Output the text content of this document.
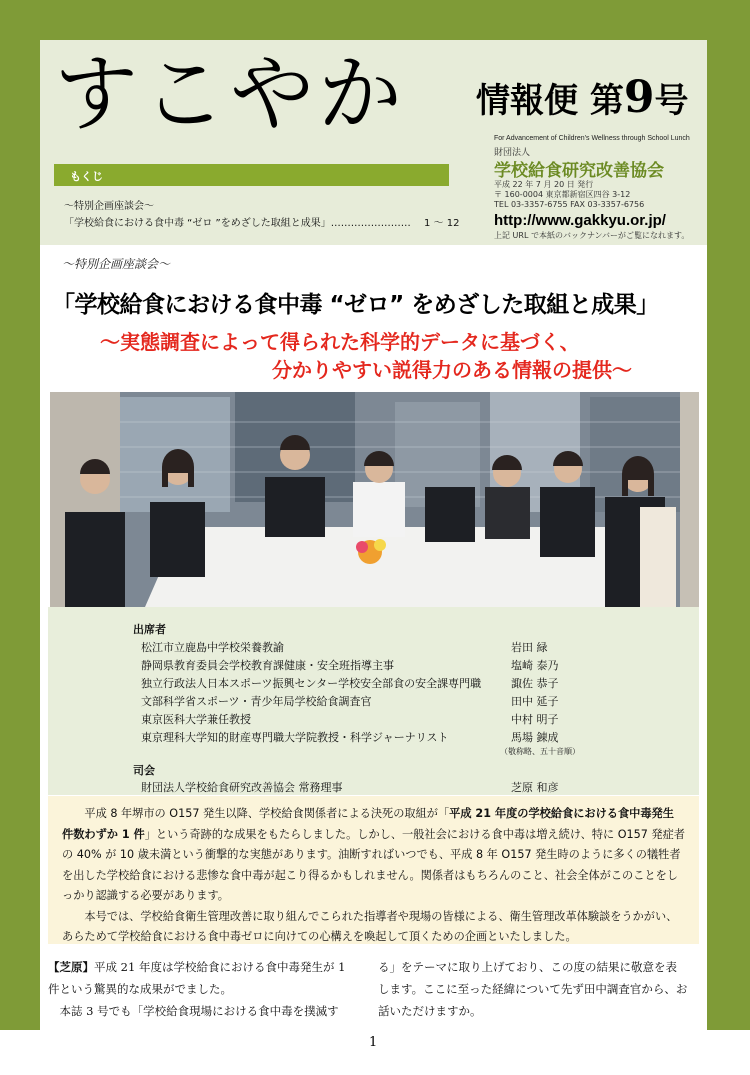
すこやか 情報便 第9号
For Advancement of Children's Wellness through School Lunch
財団法人
学校給食研究改善協会
平成 22 年 7 月 20 日 発行
〒 160-0004 東京都新宿区四谷 3-12
TEL 03-3357-6755 FAX 03-3357-6756
http://www.gakkyu.or.jp/
上記 URL で本紙のバックナンバーがご覧になれます。
もくじ
〜特別企画座談会〜
「学校給食における食中毒 “ゼロ ”をめざした取組と成果」…………………… 1 〜 12
〜特別企画座談会〜
「学校給食における食中毒 “ゼロ” をめざした取組と成果」
〜実態調査によって得られた科学的データに基づく、
分かりやすい説得力のある情報の提供〜
出席者
松江市立鹿島中学校栄養教諭	岩田 緑
静岡県教育委員会学校教育課健康・安全班指導主事	塩崎 泰乃
独立行政法人日本スポーツ振興センター学校安全部食の安全課専門職	諏佐 恭子
文部科学省スポーツ・青少年局学校給食調査官	田中 延子
東京医科大学兼任教授	中村 明子
東京理科大学知的財産専門職大学院教授・科学ジャーナリスト	馬場 錬成
（敬称略、五十音順）
司会
財団法人学校給食研究改善協会 常務理事	芝原 和彦

平成 8 年堺市の O157 発生以降、学校給食関係者による決死の取組が「平成 21 年度の学校給食における食中毒発生件数わずか 1 件」という奇跡的な成果をもたらしました。しかし、一般社会における食中毒は増え続け、特に O157 発症者の 40% が 10 歳未満という衝撃的な実態があります。油断すればいつでも、平成 8 年 O157 発生時のように多くの犠牲者を出した学校給食における悲惨な食中毒が起こり得るかもしれません。関係者はもちろんのこと、社会全体がこのことをしっかり認識する必要があります。

本号では、学校給食衛生管理改善に取り組んでこられた指導者や現場の皆様による、衛生管理改革体験談をうかがい、あらためて学校給食における食中毒ゼロに向けての心構えを喚起して頂くための企画といたしました。

【芝原】平成 21 年度は学校給食における食中毒発生が 1 件という驚異的な成果がでました。
本誌 3 号でも「学校給食現場における食中毒を撲滅す
る」をテーマに取り上げており、この度の結果に敬意を表します。ここに至った経緯について先ず田中調査官から、お話いただけますか。
1
